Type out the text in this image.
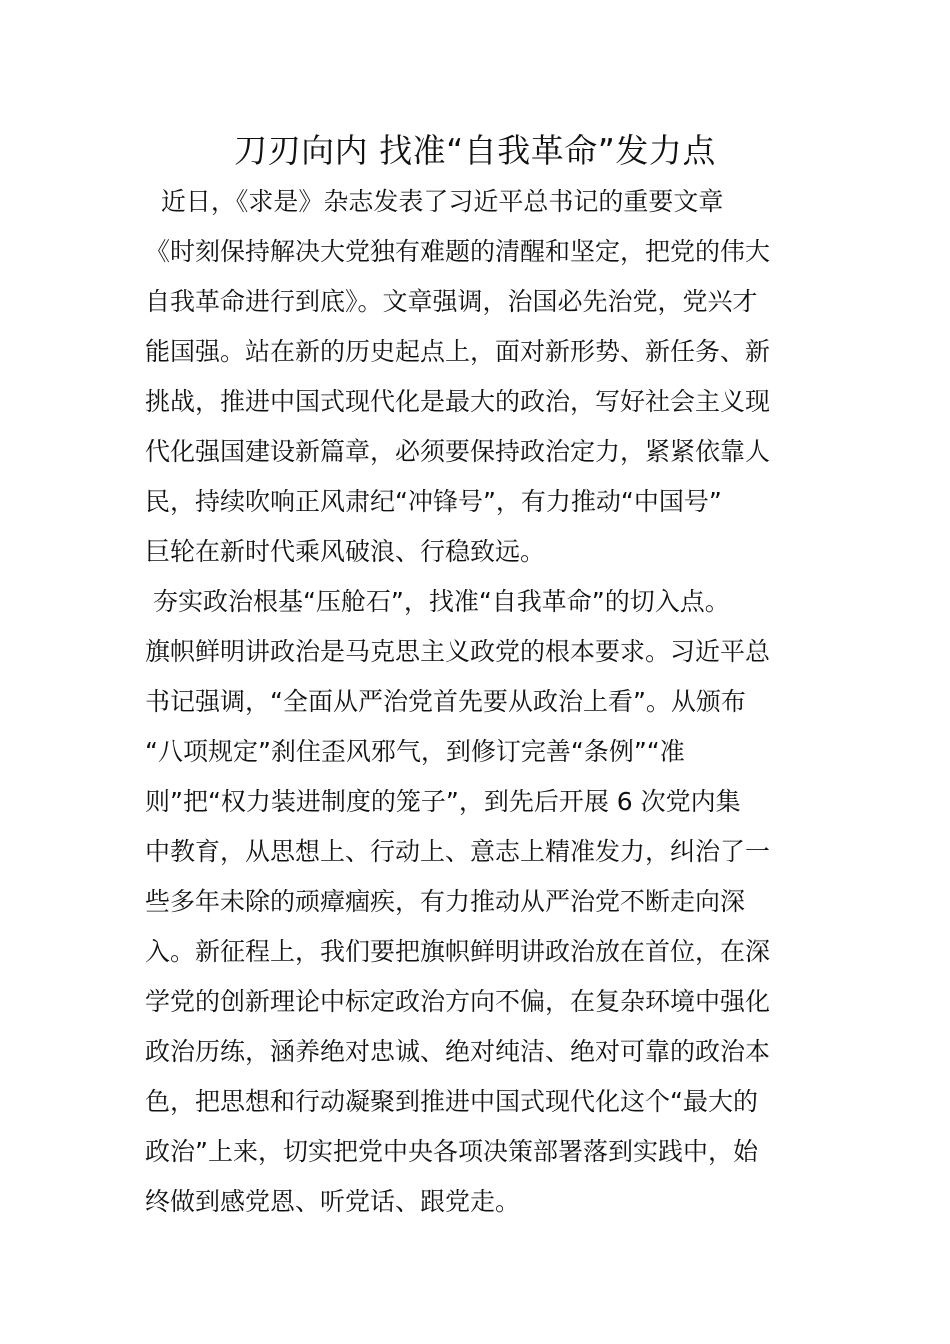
刀刃向内 找准“自我革命”发力点
近日，《求是》杂志发表了习近平总书记的重要文章
《时刻保持解决大党独有难题的清醒和坚定，把党的伟大
自我革命进行到底》。文章强调，治国必先治党，党兴才
能国强。站在新的历史起点上，面对新形势、新任务、新
挑战，推进中国式现代化是最大的政治，写好社会主义现
代化强国建设新篇章，必须要保持政治定力，紧紧依靠人
民，持续吹响正风肃纪“冲锋号”，有力推动“中国号”
巨轮在新时代乘风破浪、行稳致远。
夯实政治根基“压舱石”，找准“自我革命”的切入点。
旗帜鲜明讲政治是马克思主义政党的根本要求。习近平总
书记强调，“全面从严治党首先要从政治上看”。从颁布
“八项规定”刹住歪风邪气，到修订完善“条例”“准
则”把“权力装进制度的笼子”，到先后开展 6 次党内集
中教育，从思想上、行动上、意志上精准发力，纠治了一
些多年未除的顽瘴痼疾，有力推动从严治党不断走向深
入。新征程上，我们要把旗帜鲜明讲政治放在首位，在深
学党的创新理论中标定政治方向不偏，在复杂环境中强化
政治历练，涵养绝对忠诚、绝对纯洁、绝对可靠的政治本
色，把思想和行动凝聚到推进中国式现代化这个“最大的
政治”上来，切实把党中央各项决策部署落到实践中，始
终做到感党恩、听党话、跟党走。
